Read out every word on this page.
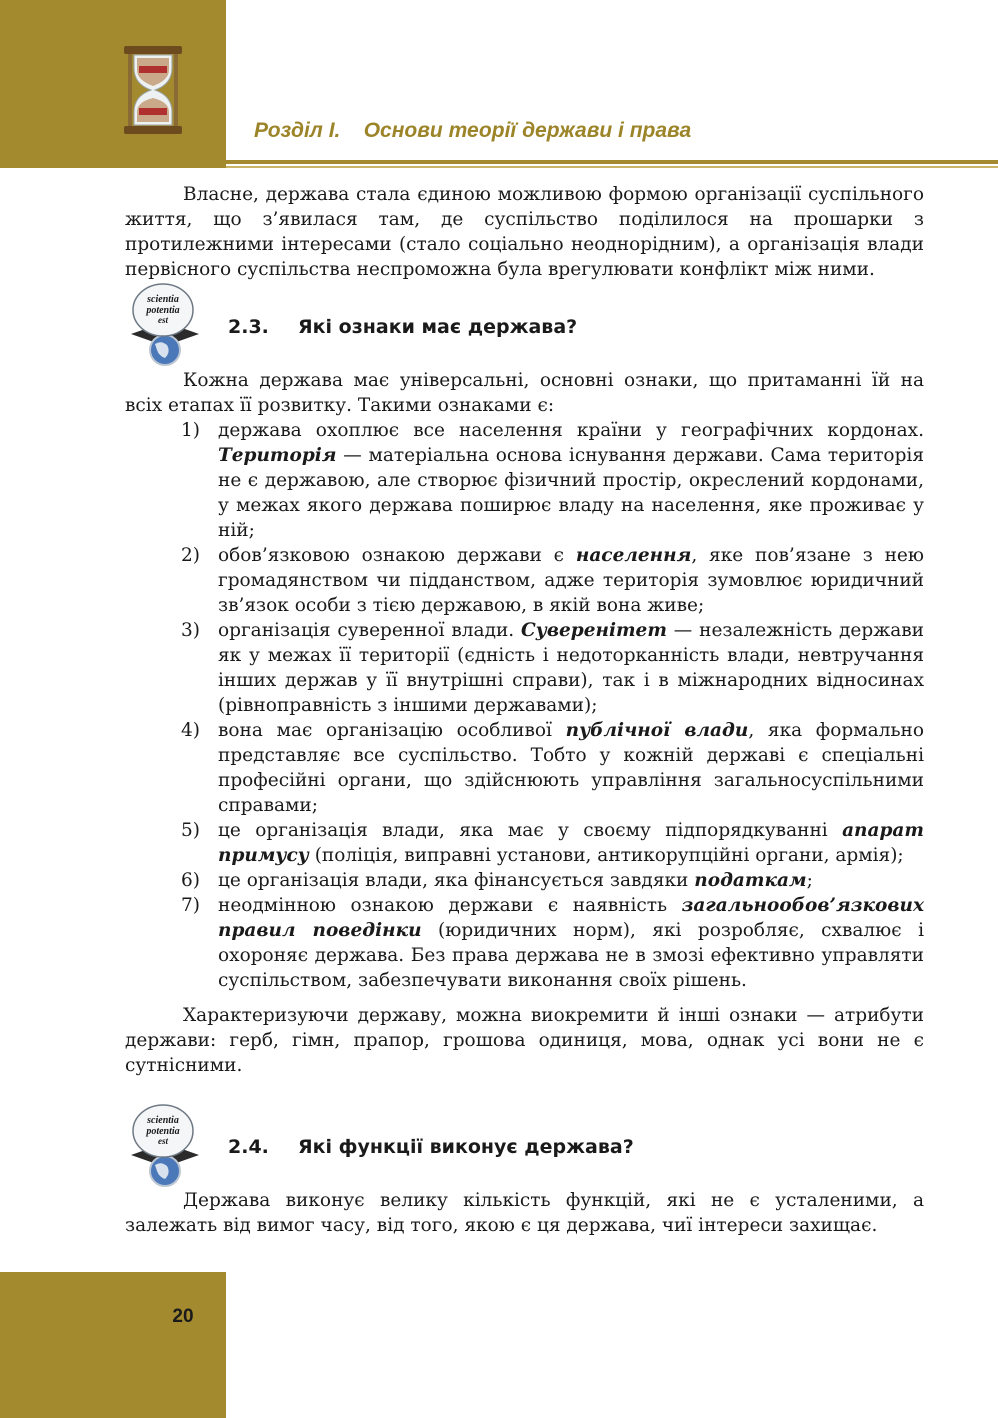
Розділ І.    Основи теорії держави і права

Власне, держава стала єдиною можливою формою організації суспільного життя, що з’явилася там, де суспільство поділилося на прошарки з протилежними інтересами (стало соціально неоднорідним), а організація влади первісного суспільства неспроможна була врегулювати конфлікт між ними.

scientia
potentia
est	2.3. Які ознаки має держава?

Кожна держава має універсальні, основні ознаки, що притаманні їй на всіх етапах її розвитку. Такими ознаками є:

1) держава охоплює все населення країни у географічних кордонах. Територія — матеріальна основа існування держави. Сама територія не є державою, але створює фізичний простір, окреслений кордонами, у межах якого держава поширює владу на населення, яке проживає у ній;
2) обов’язковою ознакою держави є населення, яке пов’язане з нею громадянством чи підданством, адже територія зумовлює юридичний зв’язок особи з тією державою, в якій вона живе;
3) організація суверенної влади. Суверенітет — незалежність держави як у межах її території (єдність і недоторканність влади, невтручання інших держав у її внутрішні справи), так і в міжнародних відносинах (рівноправність з іншими державами);
4) вона має організацію особливої публічної влади, яка формально представляє все суспільство. Тобто у кожній державі є спеціальні професійні органи, що здійснюють управління загальносуспільними справами;
5) це організація влади, яка має у своєму підпорядкуванні апарат примусу (поліція, виправні установи, антикорупційні органи, армія);
6) це організація влади, яка фінансується завдяки податкам;
7) неодмінною ознакою держави є наявність загальнообов’язкових правил поведінки (юридичних норм), які розробляє, схвалює і охороняє держава. Без права держава не в змозі ефективно управляти суспільством, забезпечувати виконання своїх рішень.

Характеризуючи державу, можна виокремити й інші ознаки — атрибути держави: герб, гімн, прапор, грошова одиниця, мова, однак усі вони не є сутнісними.

scientia
potentia
est	2.4. Які функції виконує держава?

Держава виконує велику кількість функцій, які не є усталеними, а залежать від вимог часу, від того, якою є ця держава, чиї інтереси захищає.

20
